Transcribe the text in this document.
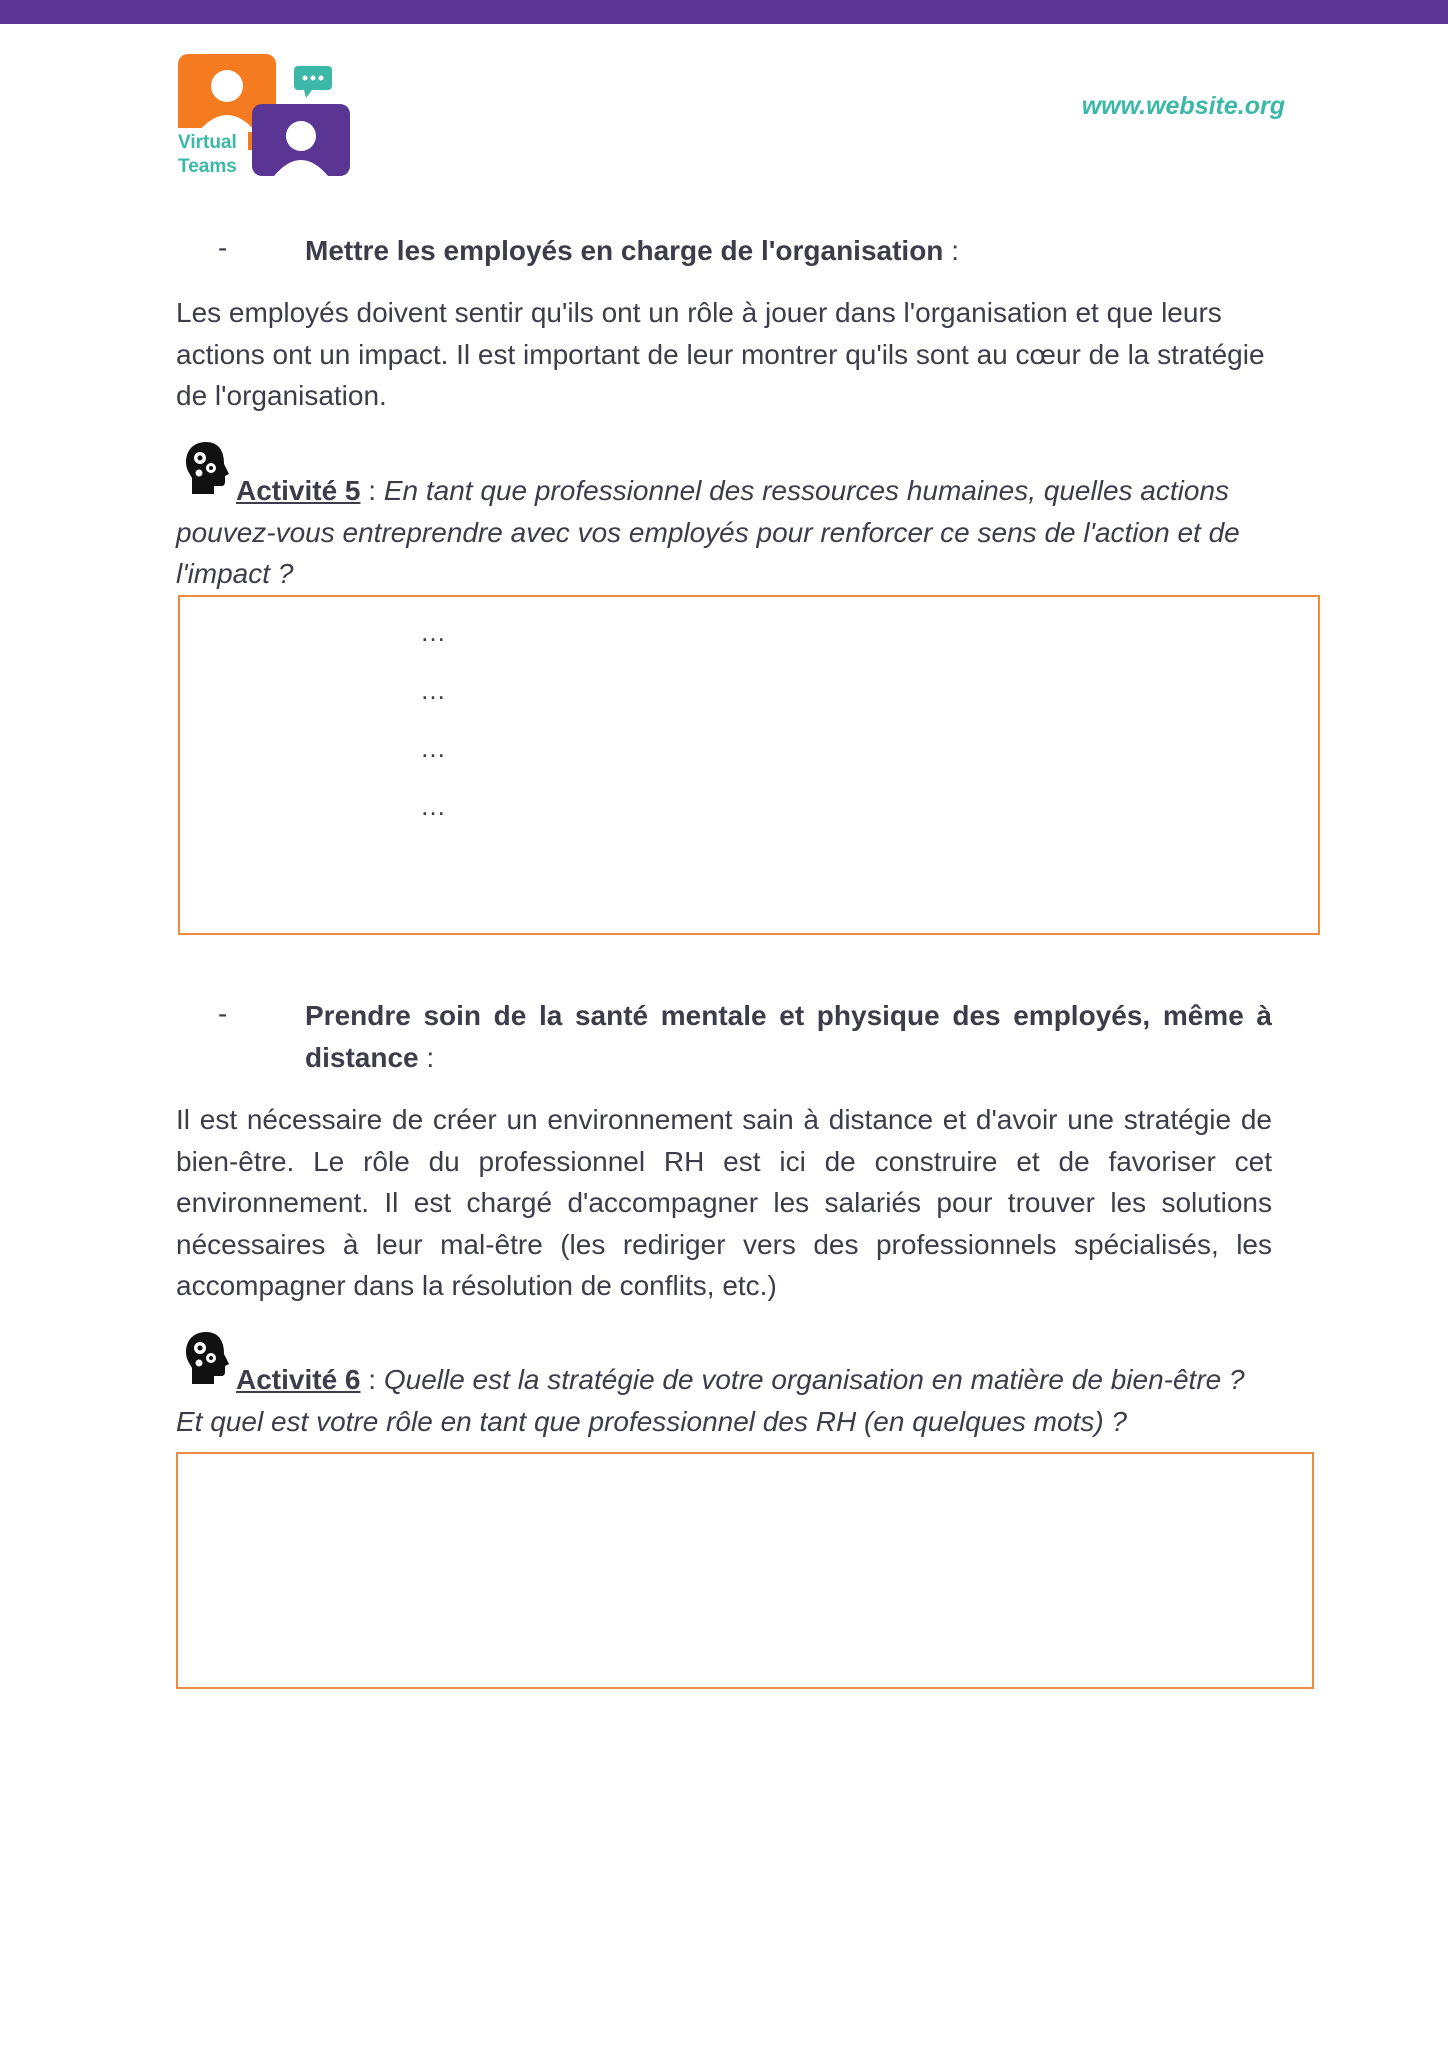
Virtual
Teams
www.website.org
-	Mettre les employés en charge de l'organisation :
Les employés doivent sentir qu'ils ont un rôle à jouer dans l'organisation et que leurs actions ont un impact. Il est important de leur montrer qu'ils sont au cœur de la stratégie de l'organisation.
Activité 5 : En tant que professionnel des ressources humaines, quelles actions pouvez-vous entreprendre avec vos employés pour renforcer ce sens de l'action et de l'impact ?
…
…
…
…
-	Prendre soin de la santé mentale et physique des employés, même à distance :
Il est nécessaire de créer un environnement sain à distance et d'avoir une stratégie de bien-être. Le rôle du professionnel RH est ici de construire et de favoriser cet environnement. Il est chargé d'accompagner les salariés pour trouver les solutions nécessaires à leur mal-être (les rediriger vers des professionnels spécialisés, les accompagner dans la résolution de conflits, etc.)
Activité 6 : Quelle est la stratégie de votre organisation en matière de bien-être ? Et quel est votre rôle en tant que professionnel des RH (en quelques mots) ?
